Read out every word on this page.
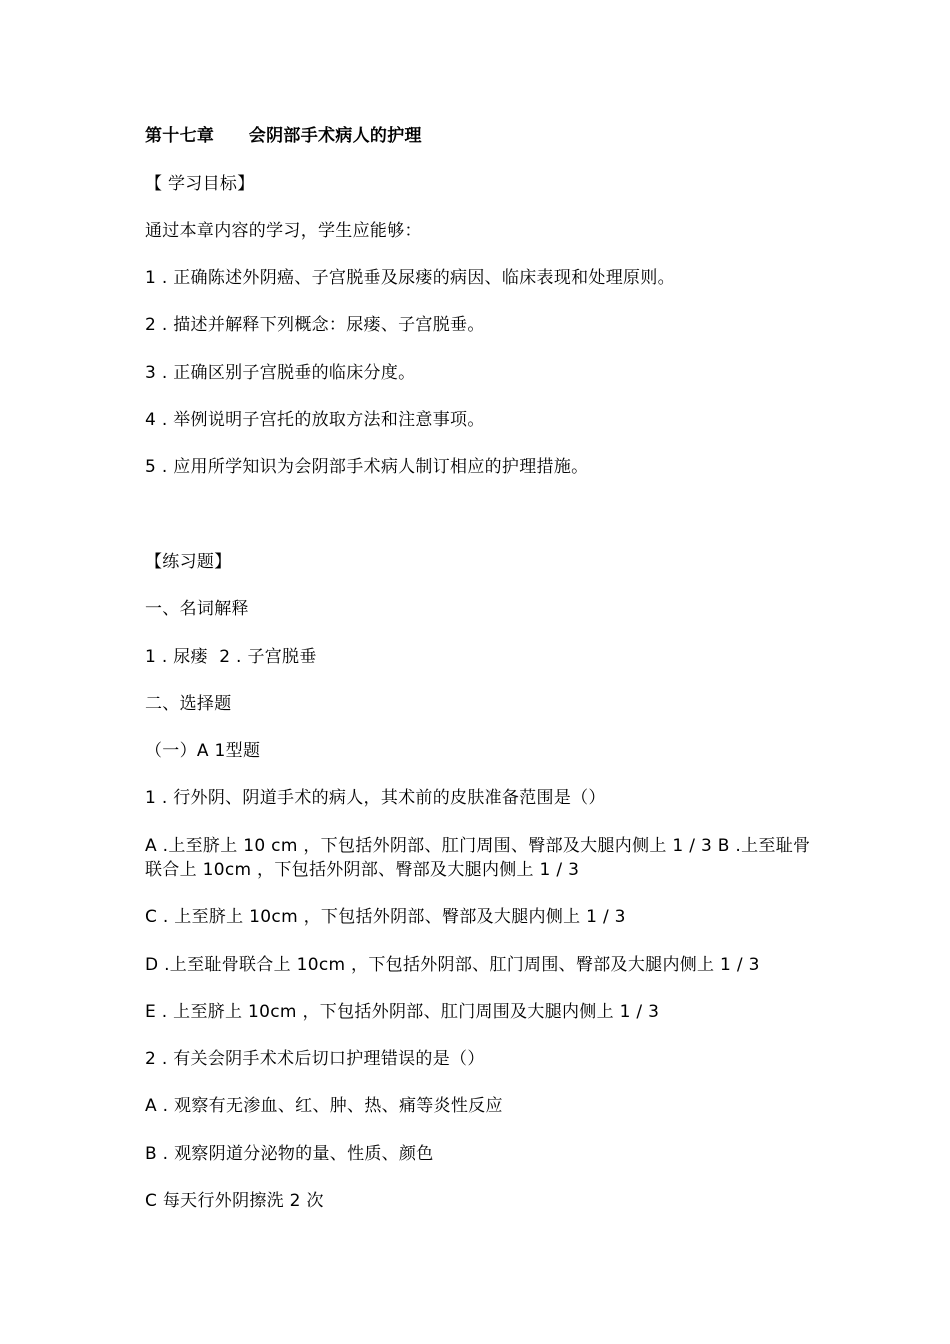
第十七章　　会阴部手术病人的护理
【 学习目标】
通过本章内容的学习，学生应能够：
1 . 正确陈述外阴癌、子宫脱垂及尿瘘的病因、临床表现和处理原则。
2 . 描述并解释下列概念：尿瘘、子宫脱垂。
3 . 正确区别子宫脱垂的临床分度。
4 . 举例说明子宫托的放取方法和注意事项。
5 . 应用所学知识为会阴部手术病人制订相应的护理措施。
【练习题】
一、名词解释
1 . 尿瘘  2 . 子宫脱垂
二、选择题
（一）A 1型题
1 . 行外阴、阴道手术的病人，其术前的皮肤准备范围是（）
A .上至脐上 10 cm ，下包括外阴部、肛门周围、臀部及大腿内侧上 1 / 3 B .上至耻骨联合上 10cm ，下包括外阴部、臀部及大腿内侧上 1 / 3
C . 上至脐上 10cm ，下包括外阴部、臀部及大腿内侧上 1 / 3
D .上至耻骨联合上 10cm ，下包括外阴部、肛门周围、臀部及大腿内侧上 1 / 3
E . 上至脐上 10cm ，下包括外阴部、肛门周围及大腿内侧上 1 / 3
2 . 有关会阴手术术后切口护理错误的是（）
A . 观察有无渗血、红、肿、热、痛等炎性反应
B . 观察阴道分泌物的量、性质、颜色
C 每天行外阴擦洗 2 次
